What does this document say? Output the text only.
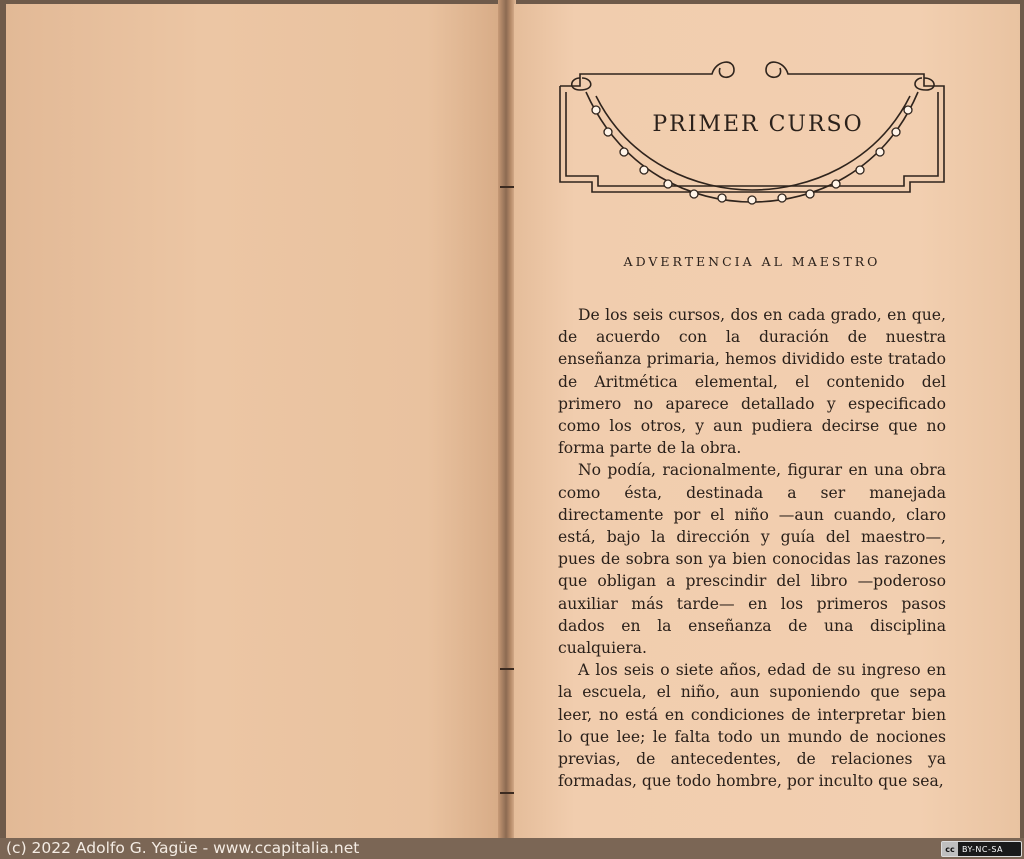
PRIMER CURSO
ADVERTENCIA AL MAESTRO

De los seis cursos, dos en cada grado, en que, de acuerdo con la duración de nuestra enseñanza primaria, hemos dividido este tratado de Aritmética elemental, el contenido del primero no aparece detallado y especificado como los otros, y aun pudiera decirse que no forma parte de la obra.

No podía, racionalmente, figurar en una obra como ésta, destinada a ser manejada directamente por el niño —aun cuando, claro está, bajo la dirección y guía del maestro—, pues de sobra son ya bien conocidas las razones que obligan a prescindir del libro —poderoso auxiliar más tarde— en los primeros pasos dados en la enseñanza de una disciplina cualquiera.

A los seis o siete años, edad de su ingreso en la escuela, el niño, aun suponiendo que sepa leer, no está en condiciones de interpretar bien lo que lee; le falta todo un mundo de nociones previas, de antecedentes, de relaciones ya formadas, que todo hombre, por inculto que sea,

(c) 2022 Adolfo G. Yagüe - www.ccapitalia.net	cc BY-NC-SA
